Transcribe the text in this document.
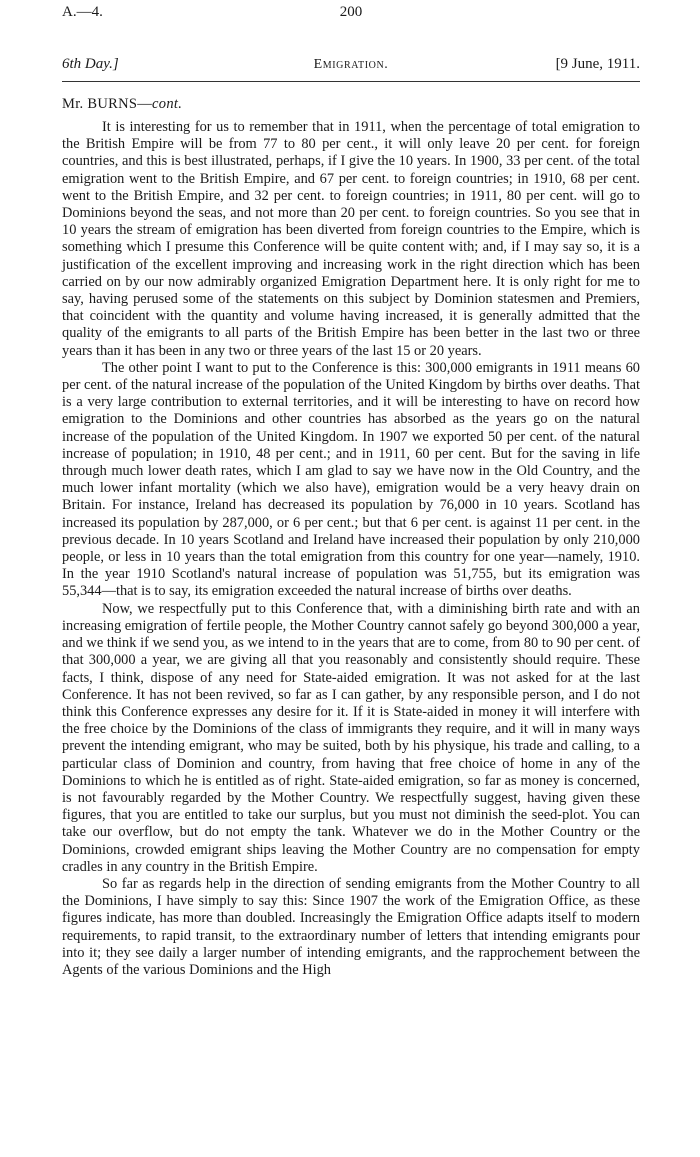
A.—4.	200
6th Day.]	Emigration.	[9 June, 1911.
Mr. BURNS—cont.

It is interesting for us to remember that in 1911, when the percentage of total emigration to the British Empire will be from 77 to 80 per cent., it will only leave 20 per cent. for foreign countries, and this is best illustrated, perhaps, if I give the 10 years. In 1900, 33 per cent. of the total emigration went to the British Empire, and 67 per cent. to foreign countries; in 1910, 68 per cent. went to the British Empire, and 32 per cent. to foreign countries; in 1911, 80 per cent. will go to Dominions beyond the seas, and not more than 20 per cent. to foreign countries. So you see that in 10 years the stream of emigration has been diverted from foreign countries to the Empire, which is something which I presume this Conference will be quite content with; and, if I may say so, it is a justification of the excellent improving and increasing work in the right direction which has been carried on by our now admirably organized Emigration Department here. It is only right for me to say, having perused some of the statements on this subject by Dominion statesmen and Premiers, that coincident with the quantity and volume having increased, it is generally admitted that the quality of the emigrants to all parts of the British Empire has been better in the last two or three years than it has been in any two or three years of the last 15 or 20 years.

The other point I want to put to the Conference is this: 300,000 emigrants in 1911 means 60 per cent. of the natural increase of the population of the United Kingdom by births over deaths. That is a very large contribution to external territories, and it will be interesting to have on record how emigration to the Dominions and other countries has absorbed as the years go on the natural increase of the population of the United Kingdom. In 1907 we exported 50 per cent. of the natural increase of population; in 1910, 48 per cent.; and in 1911, 60 per cent. But for the saving in life through much lower death rates, which I am glad to say we have now in the Old Country, and the much lower infant mortality (which we also have), emigration would be a very heavy drain on Britain. For instance, Ireland has decreased its population by 76,000 in 10 years. Scotland has increased its population by 287,000, or 6 per cent.; but that 6 per cent. is against 11 per cent. in the previous decade. In 10 years Scotland and Ireland have increased their population by only 210,000 people, or less in 10 years than the total emigration from this country for one year—namely, 1910. In the year 1910 Scotland's natural increase of population was 51,755, but its emigration was 55,344—that is to say, its emigration exceeded the natural increase of births over deaths.

Now, we respectfully put to this Conference that, with a diminishing birth rate and with an increasing emigration of fertile people, the Mother Country cannot safely go beyond 300,000 a year, and we think if we send you, as we intend to in the years that are to come, from 80 to 90 per cent. of that 300,000 a year, we are giving all that you reasonably and consistently should require. These facts, I think, dispose of any need for State-aided emigration. It was not asked for at the last Conference. It has not been revived, so far as I can gather, by any responsible person, and I do not think this Conference expresses any desire for it. If it is State-aided in money it will interfere with the free choice by the Dominions of the class of immigrants they require, and it will in many ways prevent the intending emigrant, who may be suited, both by his physique, his trade and calling, to a particular class of Dominion and country, from having that free choice of home in any of the Dominions to which he is entitled as of right. State-aided emigration, so far as money is concerned, is not favourably regarded by the Mother Country. We respectfully suggest, having given these figures, that you are entitled to take our surplus, but you must not diminish the seed-plot. You can take our overflow, but do not empty the tank. Whatever we do in the Mother Country or the Dominions, crowded emigrant ships leaving the Mother Country are no compensation for empty cradles in any country in the British Empire.

So far as regards help in the direction of sending emigrants from the Mother Country to all the Dominions, I have simply to say this: Since 1907 the work of the Emigration Office, as these figures indicate, has more than doubled. Increasingly the Emigration Office adapts itself to modern requirements, to rapid transit, to the extraordinary number of letters that intending emigrants pour into it; they see daily a larger number of intending emigrants, and the rapprochement between the Agents of the various Dominions and the High
